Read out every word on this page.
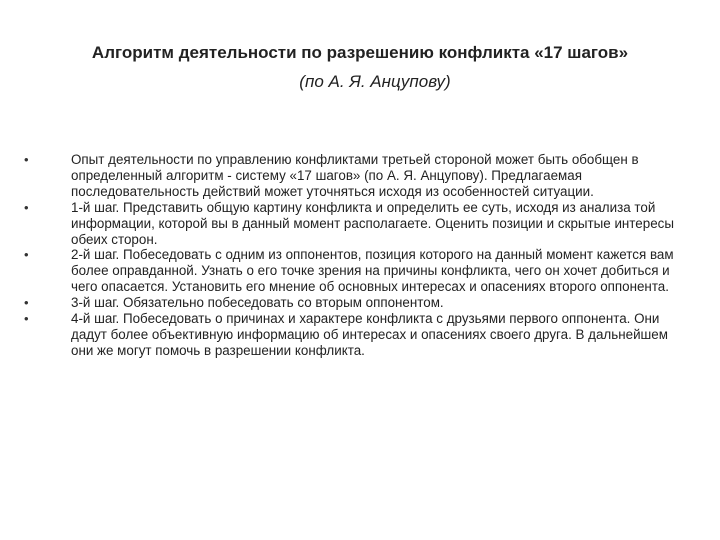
Алгоритм деятельности по разрешению конфликта «17 шагов»
(по А. Я. Анцупову)
•	Опыт деятельности по управлению конфликтами третьей стороной может быть обобщен в определенный алгоритм - систему «17 шагов» (по А. Я. Анцупову). Предлагаемая последовательность действий может уточняться исходя из особенностей ситуации.
•	1-й шаг. Представить общую картину конфликта и определить ее суть, исходя из анализа той информации, которой вы в данный момент располагаете. Оценить позиции и скрытые интересы обеих сторон.
•	2-й шаг. Побеседовать с одним из оппонентов, позиция которого на данный момент кажется вам более оправданной. Узнать о его точке зрения на причины конфликта, чего он хочет добиться и чего опасается. Установить его мнение об основных интересах и опасениях второго оппонента.
•	3-й шаг. Обязательно побеседовать со вторым оппонентом.
•	4-й шаг. Побеседовать о причинах и характере конфликта с друзьями первого оппонента. Они дадут более объективную информацию об интересах и опасениях своего друга. В дальнейшем они же могут помочь в разрешении конфликта.
